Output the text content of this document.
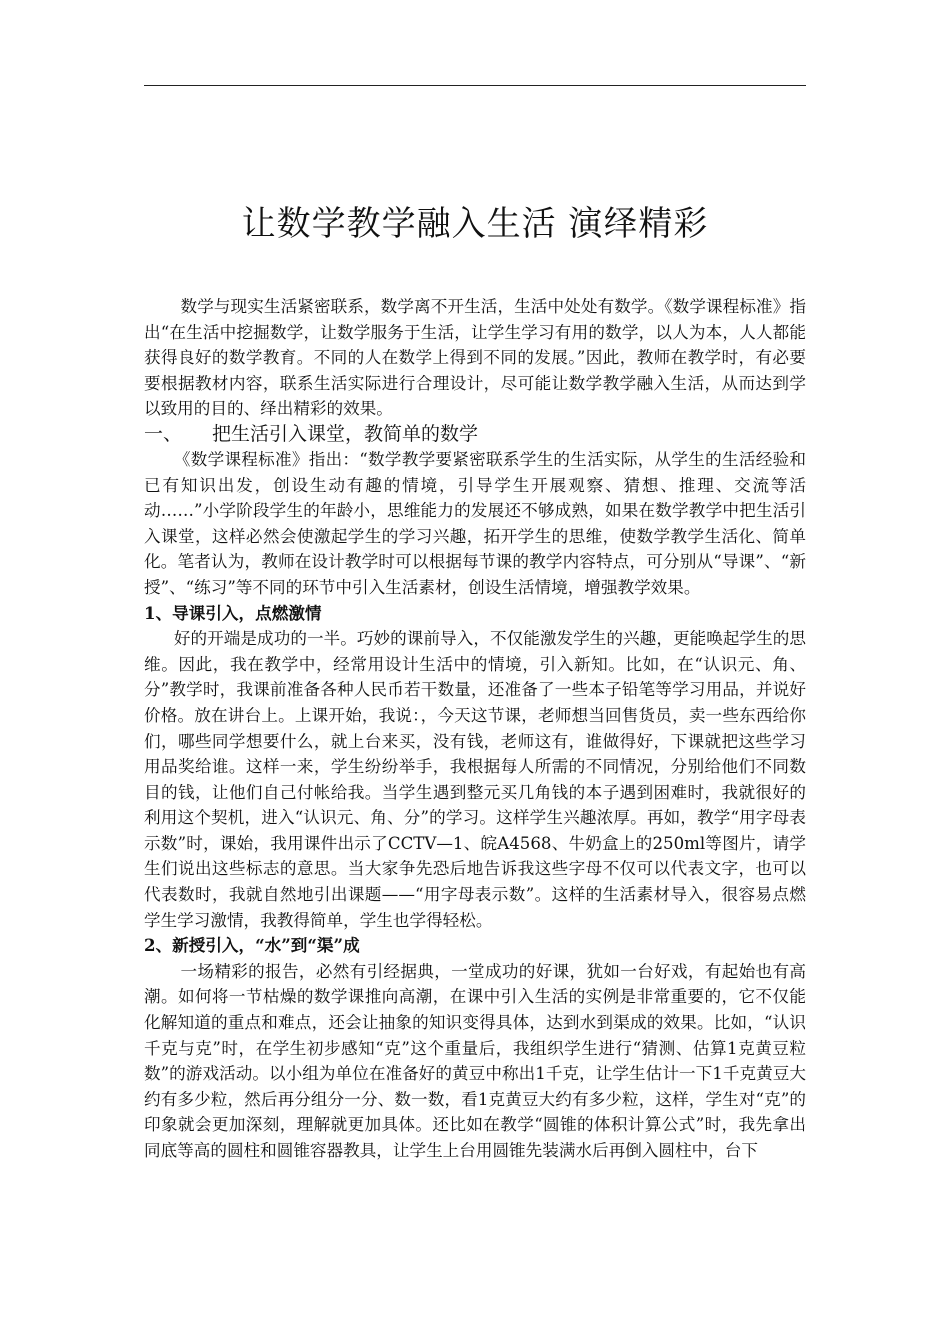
让数学教学融入生活 演绎精彩

数学与现实生活紧密联系，数学离不开生活，生活中处处有数学。《数学课程标准》指出“在生活中挖掘数学，让数学服务于生活，让学生学习有用的数学，以人为本，人人都能获得良好的数学教育。不同的人在数学上得到不同的发展。”因此，教师在教学时，有必要要根据教材内容，联系生活实际进行合理设计，尽可能让数学教学融入生活，从而达到学以致用的目的、绎出精彩的效果。

一、 把生活引入课堂，教简单的数学

《数学课程标准》指出：“数学教学要紧密联系学生的生活实际，从学生的生活经验和已有知识出发，创设生动有趣的情境，引导学生开展观察、猜想、推理、交流等活动……”小学阶段学生的年龄小，思维能力的发展还不够成熟，如果在数学教学中把生活引入课堂，这样必然会使激起学生的学习兴趣，拓开学生的思维，使数学教学生活化、简单化。笔者认为，教师在设计教学时可以根据每节课的教学内容特点，可分别从“导课”、“新授”、“练习”等不同的环节中引入生活素材，创设生活情境，增强教学效果。

1、导课引入，点燃激情

好的开端是成功的一半。巧妙的课前导入，不仅能激发学生的兴趣，更能唤起学生的思维。因此，我在教学中，经常用设计生活中的情境，引入新知。比如，在“认识元、角、分”教学时，我课前准备各种人民币若干数量，还准备了一些本子铅笔等学习用品，并说好价格。放在讲台上。上课开始，我说：，今天这节课，老师想当回售货员，卖一些东西给你们，哪些同学想要什么，就上台来买，没有钱，老师这有，谁做得好，下课就把这些学习用品奖给谁。这样一来，学生纷纷举手，我根据每人所需的不同情况，分别给他们不同数目的钱，让他们自己付帐给我。当学生遇到整元买几角钱的本子遇到困难时，我就很好的利用这个契机，进入“认识元、角、分”的学习。这样学生兴趣浓厚。再如，教学“用字母表示数”时，课始，我用课件出示了CCTV—1、皖A4568、牛奶盒上的250ml等图片，请学生们说出这些标志的意思。当大家争先恐后地告诉我这些字母不仅可以代表文字，也可以代表数时，我就自然地引出课题——“用字母表示数”。这样的生活素材导入，很容易点燃学生学习激情，我教得简单，学生也学得轻松。

2、新授引入，“水”到“渠”成

一场精彩的报告，必然有引经据典，一堂成功的好课，犹如一台好戏，有起始也有高潮。如何将一节枯燥的数学课推向高潮，在课中引入生活的实例是非常重要的，它不仅能化解知道的重点和难点，还会让抽象的知识变得具体，达到水到渠成的效果。比如，“认识千克与克”时，在学生初步感知“克”这个重量后，我组织学生进行“猜测、估算1克黄豆粒数”的游戏活动。以小组为单位在准备好的黄豆中称出1千克，让学生估计一下1千克黄豆大约有多少粒，然后再分组分一分、数一数，看1克黄豆大约有多少粒，这样，学生对“克”的印象就会更加深刻，理解就更加具体。还比如在教学“圆锥的体积计算公式”时，我先拿出同底等高的圆柱和圆锥容器教具，让学生上台用圆锥先装满水后再倒入圆柱中，台下
